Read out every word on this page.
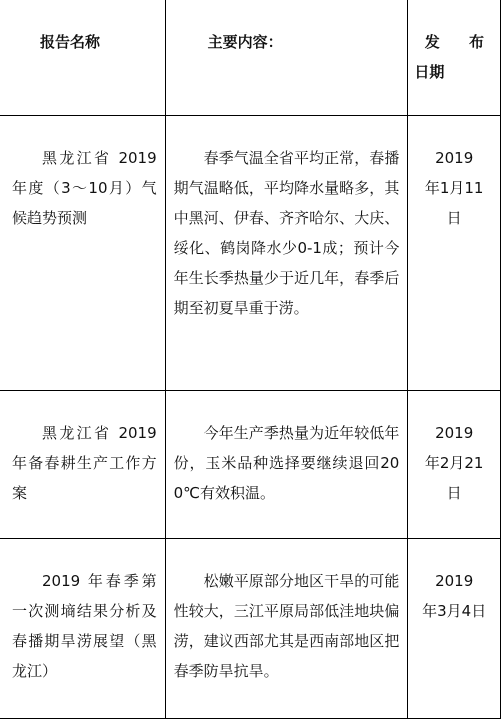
报告名称	主要内容：	发 布
日期

黑龙江省 2019 年度（3～10月）气候趋势预测	春季气温全省平均正常，春播期气温略低，平均降水量略多，其中黑河、伊春、齐齐哈尔、大庆、绥化、鹤岗降水少0-1成；预计今年生长季热量少于近几年，春季后期至初夏旱重于涝。	2019
年1月11日

黑龙江省 2019 年备春耕生产工作方案	今年生产季热量为近年较低年份，玉米品种选择要继续退回200℃有效积温。	2019
年2月21日

2019 年春季第一次测墒结果分析及春播期旱涝展望（黑龙江）	松嫩平原部分地区干旱的可能性较大，三江平原局部低洼地块偏涝，建议西部尤其是西南部地区把春季防旱抗旱。	2019
年3月4日
